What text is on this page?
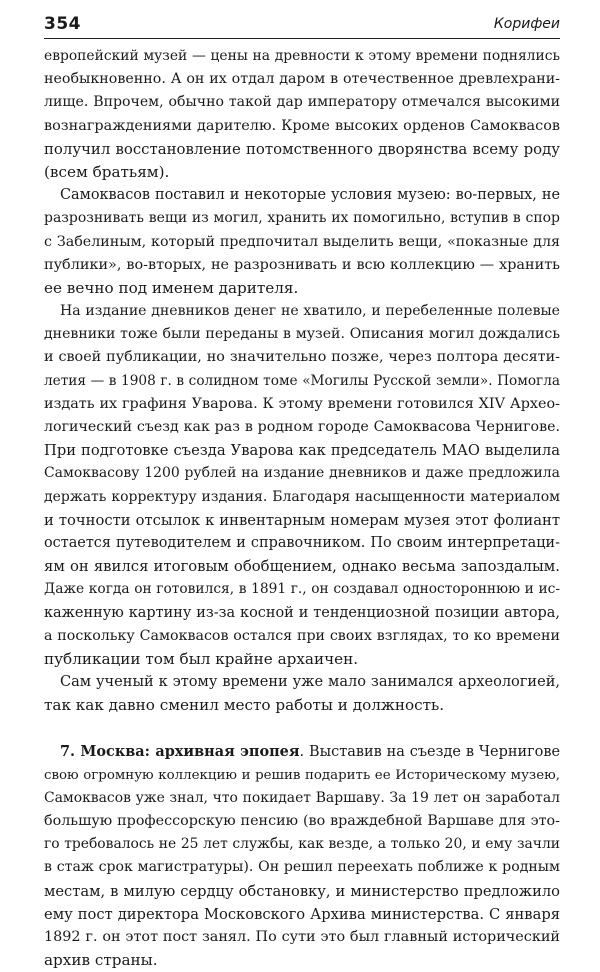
354	Корифеи
европейский музей — цены на древности к этому времени поднялись
необыкновенно. А он их отдал даром в отечественное древлехрани-
лище. Впрочем, обычно такой дар императору отмечался высокими
вознаграждениями дарителю. Кроме высоких орденов Самоквасов
получил восстановление потомственного дворянства всему роду
(всем братьям).
Самоквасов поставил и некоторые условия музею: во-первых, не
разрознивать вещи из могил, хранить их помогильно, вступив в спор
с Забелиным, который предпочитал выделить вещи, «показные для
публики», во-вторых, не разрознивать и всю коллекцию — хранить
ее вечно под именем дарителя.
На издание дневников денег не хватило, и перебеленные полевые
дневники тоже были переданы в музей. Описания могил дождались
и своей публикации, но значительно позже, через полтора десяти-
летия — в 1908 г. в солидном томе «Могилы Русской земли». Помогла
издать их графиня Уварова. К этому времени готовился XIV Архео-
логический съезд как раз в родном городе Самоквасова Чернигове.
При подготовке съезда Уварова как председатель МАО выделила
Самоквасову 1200 рублей на издание дневников и даже предложила
держать корректуру издания. Благодаря насыщенности материалом
и точности отсылок к инвентарным номерам музея этот фолиант
остается путеводителем и справочником. По своим интерпретаци-
ям он явился итоговым обобщением, однако весьма запоздалым.
Даже когда он готовился, в 1891 г., он создавал одностороннюю и ис-
каженную картину из-за косной и тенденциозной позиции автора,
а поскольку Самоквасов остался при своих взглядах, то ко времени
публикации том был крайне архаичен.
Сам ученый к этому времени уже мало занимался археологией,
так как давно сменил место работы и должность.
7. Москва: архивная эпопея. Выставив на съезде в Чернигове
свою огромную коллекцию и решив подарить ее Историческому музею,
Самоквасов уже знал, что покидает Варшаву. За 19 лет он заработал
большую профессорскую пенсию (во враждебной Варшаве для это-
го требовалось не 25 лет службы, как везде, а только 20, и ему зачли
в стаж срок магистратуры). Он решил переехать поближе к родным
местам, в милую сердцу обстановку, и министерство предложило
ему пост директора Московского Архива министерства. С января
1892 г. он этот пост занял. По сути это был главный исторический
архив страны.
